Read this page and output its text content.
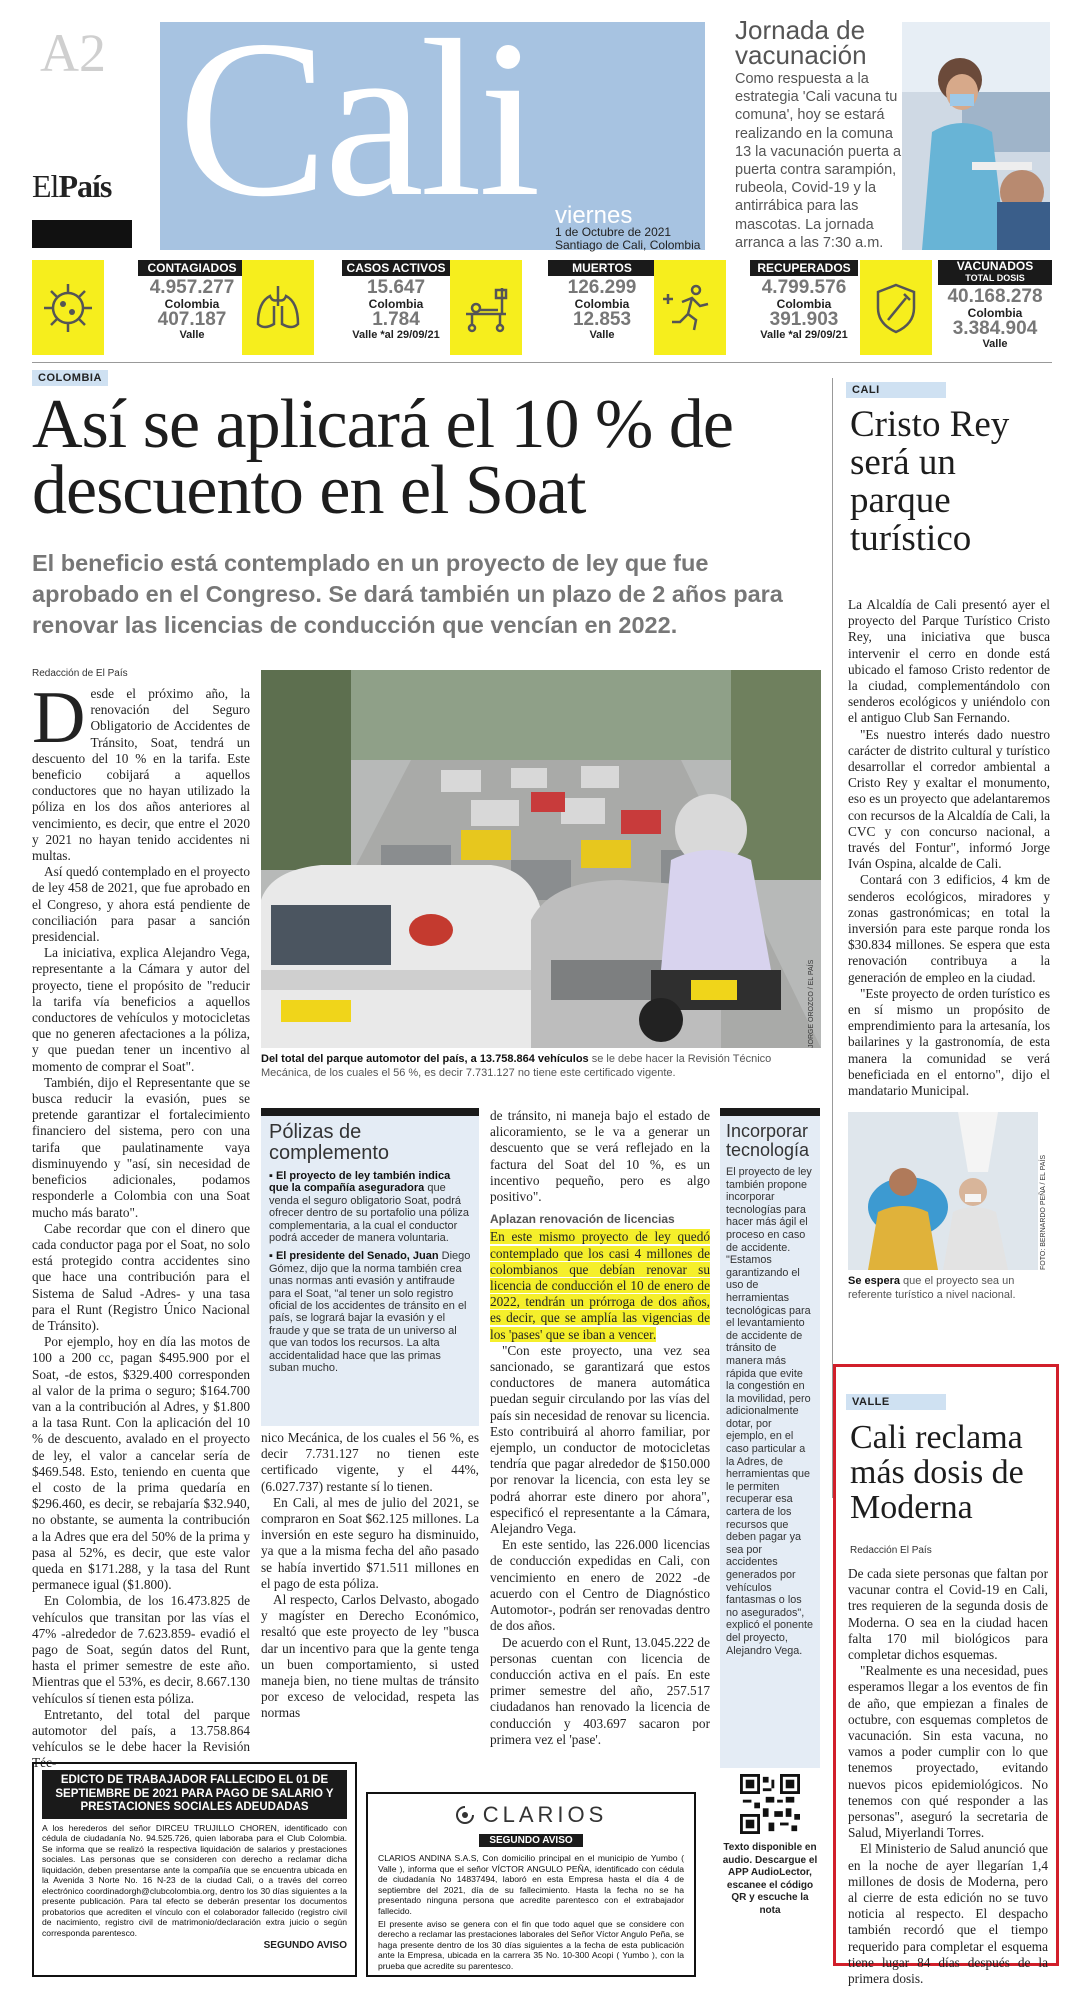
A2 Cali
ElPaís
viernes
1 de Octubre de 2021
Santiago de Cali, Colombia
Jornada de vacunación
Como respuesta a la estrategia 'Cali vacuna tu comuna', hoy se estará realizando en la comuna 13 la vacunación puerta a puerta contra sarampión, rubeola, Covid-19 y la antirrábica para las mascotas. La jornada arranca a las 7:30 a.m.
CONTAGIADOS
4.957.277
Colombia
407.187
Valle
CASOS ACTIVOS
15.647
Colombia
1.784
Valle *al 29/09/21
MUERTOS
126.299
Colombia
12.853
Valle
RECUPERADOS
4.799.576
Colombia
391.903
Valle *al 29/09/21
VACUNADOS
TOTAL DOSIS
40.168.278
Colombia
3.384.904
Valle
COLOMBIA
Así se aplicará el 10 % de descuento en el Soat
El beneficio está contemplado en un proyecto de ley que fue aprobado en el Congreso. Se dará también un plazo de 2 años para renovar las licencias de conducción que vencían en 2022.
Redacción de El País

Desde el próximo año, la renovación del Seguro Obligatorio de Accidentes de Tránsito, Soat, tendrá un descuento del 10 % en la tarifa. Este beneficio cobijará a aquellos conductores que no hayan utilizado la póliza en los dos años anteriores al vencimiento, es decir, que entre el 2020 y 2021 no hayan tenido accidentes ni multas.

Así quedó contemplado en el proyecto de ley 458 de 2021, que fue aprobado en el Congreso, y ahora está pendiente de conciliación para pasar a sanción presidencial.

La iniciativa, explica Alejandro Vega, representante a la Cámara y autor del proyecto, tiene el propósito de "reducir la tarifa vía beneficios a aquellos conductores de vehículos y motocicletas que no generen afectaciones a la póliza, y que puedan tener un incentivo al momento de comprar el Soat".

También, dijo el Representante que se busca reducir la evasión, pues se pretende garantizar el fortalecimiento financiero del sistema, pero con una tarifa que paulatinamente vaya disminuyendo y "así, sin necesidad de beneficios adicionales, podamos responderle a Colombia con una Soat mucho más barato".

Cabe recordar que con el dinero que cada conductor paga por el Soat, no solo está protegido contra accidentes sino que hace una contribución para el Sistema de Salud -Adres- y una tasa para el Runt (Registro Único Nacional de Tránsito).

Por ejemplo, hoy en día las motos de 100 a 200 cc, pagan $495.900 por el Soat, -de estos, $329.400 corresponden al valor de la prima o seguro; $164.700 van a la contribución al Adres, y $1.800 a la tasa Runt. Con la aplicación del 10 % de descuento, avalado en el proyecto de ley, el valor a cancelar sería de $469.548. Esto, teniendo en cuenta que el costo de la prima quedaría en $296.460, es decir, se rebajaría $32.940, no obstante, se aumenta la contribución a la Adres que era del 50% de la prima y pasa al 52%, es decir, que este valor queda en $171.288, y la tasa del Runt permanece igual ($1.800).

En Colombia, de los 16.473.825 de vehículos que transitan por las vías el 47% -alrededor de 7.623.859- evadió el pago de Soat, según datos del Runt, hasta el primer semestre de este año. Mientras que el 53%, es decir, 8.667.130 vehículos sí tienen esta póliza.

Entretanto, del total del parque automotor del país, a 13.758.864 vehículos se le debe hacer la Revisión Téc-

JORGE OROZCO / EL PAÍS
Del total del parque automotor del país, a 13.758.864 vehículos se le debe hacer la Revisión Técnico Mecánica, de los cuales el 56 %, es decir 7.731.127 no tiene este certificado vigente.
Pólizas de complemento

▪ El proyecto de ley también indica que la compañía aseguradora que venda el seguro obligatorio Soat, podrá ofrecer dentro de su portafolio una póliza complementaria, a la cual el conductor podrá acceder de manera voluntaria.

▪ El presidente del Senado, Juan Diego Gómez, dijo que la norma también crea unas normas anti evasión y antifraude para el Soat, "al tener un solo registro oficial de los accidentes de tránsito en el país, se logrará bajar la evasión y el fraude y que se trata de un universo al que van todos los recursos. La alta accidentalidad hace que las primas suban mucho.

nico Mecánica, de los cuales el 56 %, es decir 7.731.127 no tienen este certificado vigente, y el 44%, (6.027.737) restante sí lo tienen.

En Cali, al mes de julio del 2021, se compraron en Soat $62.125 millones. La inversión en este seguro ha disminuido, ya que a la misma fecha del año pasado se había invertido $71.511 millones en el pago de esta póliza.

Al respecto, Carlos Delvasto, abogado y magíster en Derecho Económico, resaltó que este proyecto de ley "busca dar un incentivo para que la gente tenga un buen comportamiento, si usted maneja bien, no tiene multas de tránsito por exceso de velocidad, respeta las normas

de tránsito, ni maneja bajo el estado de alicoramiento, se le va a generar un descuento que se verá reflejado en la factura del Soat del 10 %, es un incentivo pequeño, pero es algo positivo".

Aplazan renovación de licencias

En este mismo proyecto de ley quedó contemplado que los casi 4 millones de colombianos que debían renovar su licencia de conducción el 10 de enero de 2022, tendrán un prórroga de dos años, es decir, que se amplía las vigencias de los 'pases' que se iban a vencer.

"Con este proyecto, una vez sea sancionado, se garantizará que estos conductores de manera automática puedan seguir circulando por las vías del país sin necesidad de renovar su licencia. Esto contribuirá al ahorro familiar, por ejemplo, un conductor de motocicletas tendría que pagar alrededor de $150.000 por renovar la licencia, con esta ley se podrá ahorrar este dinero por ahora", especificó el representante a la Cámara, Alejandro Vega.

En este sentido, las 226.000 licencias de conducción expedidas en Cali, con vencimiento en enero de 2022 -de acuerdo con el Centro de Diagnóstico Automotor-, podrán ser renovadas dentro de dos años.

De acuerdo con el Runt, 13.045.222 de personas cuentan con licencia de conducción activa en el país. En este primer semestre del año, 257.517 ciudadanos han renovado la licencia de conducción y 403.697 sacaron por primera vez el 'pase'.

Incorporar tecnología
El proyecto de ley también propone incorporar tecnologías para hacer más ágil el proceso en caso de accidente. "Estamos garantizando el uso de herramientas tecnológicas para el levantamiento de accidente de tránsito de manera más rápida que evite la congestión en la movilidad, pero adicionalmente dotar, por ejemplo, en el caso particular a la Adres, de herramientas que le permiten recuperar esa cartera de los recursos que deben pagar ya sea por accidentes generados por vehículos fantasmas o los no asegurados", explicó el ponente del proyecto, Alejandro Vega.
CALI
Cristo Rey será un parque turístico

La Alcaldía de Cali presentó ayer el proyecto del Parque Turístico Cristo Rey, una iniciativa que busca intervenir el cerro en donde está ubicado el famoso Cristo redentor de la ciudad, complementándolo con senderos ecológicos y uniéndolo con el antiguo Club San Fernando.

"Es nuestro interés dado nuestro carácter de distrito cultural y turístico desarrollar el corredor ambiental a Cristo Rey y exaltar el monumento, eso es un proyecto que adelantaremos con recursos de la Alcaldía de Cali, la CVC y con concurso nacional, a través del Fontur", informó Jorge Iván Ospina, alcalde de Cali.

Contará con 3 edificios, 4 km de senderos ecológicos, miradores y zonas gastronómicas; en total la inversión para este parque ronda los $30.834 millones. Se espera que esta renovación contribuya a la generación de empleo en la ciudad.

"Este proyecto de orden turístico es en sí mismo un propósito de emprendimiento para la artesanía, los bailarines y la gastronomía, de esta manera la comunidad se verá beneficiada en el entorno", dijo el mandatario Municipal.

FOTO: BERNARDO PEÑA / EL PAÍS
Se espera que el proyecto sea un referente turístico a nivel nacional.
VALLE
Cali reclama más dosis de Moderna
Redacción El País

De cada siete personas que faltan por vacunar contra el Covid-19 en Cali, tres requieren de la segunda dosis de Moderna. O sea en la ciudad hacen falta 170 mil biológicos para completar dichos esquemas.

"Realmente es una necesidad, pues esperamos llegar a los eventos de fin de año, que empiezan a finales de octubre, con esquemas completos de vacunación. Sin esta vacuna, no vamos a poder cumplir con lo que tenemos proyectado, evitando nuevos picos epidemiológicos. No tenemos con qué responder a las personas", aseguró la secretaria de Salud, Miyerlandi Torres.

El Ministerio de Salud anunció que en la noche de ayer llegarían 1,4 millones de dosis de Moderna, pero al cierre de esta edición no se tuvo noticia al respecto. El despacho también recordó que el tiempo requerido para completar el esquema tiene lugar 84 días después de la primera dosis.

EDICTO DE TRABAJADOR FALLECIDO EL 01 DE SEPTIEMBRE DE 2021 PARA PAGO DE SALARIO Y PRESTACIONES SOCIALES ADEUDADAS
A los herederos del señor DIRCEU TRUJILLO CHOREN, identificado con cédula de ciudadanía No. 94.525.726, quien laboraba para el Club Colombia. Se informa que se realizó la respectiva liquidación de salarios y prestaciones sociales. Las personas que se consideren con derecho a reclamar dicha liquidación, deben presentarse ante la compañía que se encuentra ubicada en la Avenida 3 Norte No. 16 N-23 de la ciudad Cali, o a través del correo electrónico coordinadorgh@clubcolombia.org, dentro los 30 días siguientes a la presente publicación. Para tal efecto se deberán presentar los documentos probatorios que acrediten el vínculo con el colaborador fallecido (registro civil de nacimiento, registro civil de matrimonio/declaración extra juicio o según corresponda parentesco.
SEGUNDO AVISO
CLARIOS
SEGUNDO AVISO
CLARIOS ANDINA S.A.S, Con domicilio principal en el municipio de Yumbo ( Valle ), informa que el señor VÍCTOR ANGULO PEÑA, identificado con cédula de ciudadanía No 14837494, laboró en esta Empresa hasta el día 4 de septiembre del 2021, día de su fallecimiento. Hasta la fecha no se ha presentado ninguna persona que acredite parentesco con el extrabajador fallecido.
El presente aviso se genera con el fin que todo aquel que se considere con derecho a reclamar las prestaciones laborales del Señor Víctor Angulo Peña, se haga presente dentro de los 30 días siguientes a la fecha de esta publicación ante la Empresa, ubicada en la carrera 35 No. 10-300 Acopi ( Yumbo ), con la prueba que acredite su parentesco.
Texto disponible en audio. Descargue el APP AudioLector, escanee el código QR y escuche la nota
